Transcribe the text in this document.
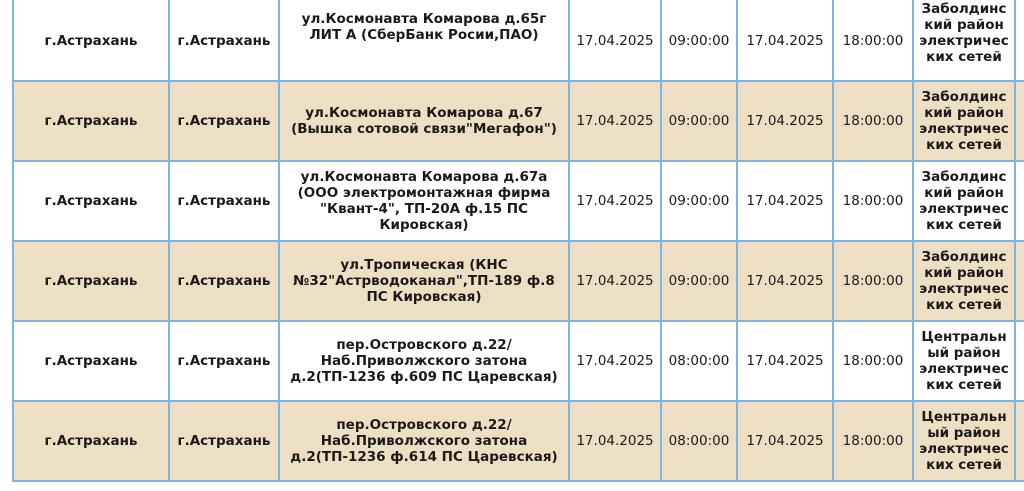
г.Астрахань	г.Астрахань	ул.Космонавта Комарова д.65г ЛИТ А (СберБанк Росии,ПАО)	17.04.2025	09:00:00	17.04.2025	18:00:00	Заболдинский район электрических сетей	

г.Астрахань	г.Астрахань	ул.Космонавта Комарова д.67 (Вышка сотовой связи"Мегафон")	17.04.2025	09:00:00	17.04.2025	18:00:00	Заболдинский район электрических сетей	

г.Астрахань	г.Астрахань	ул.Космонавта Комарова д.67а (ООО электромонтажная фирма "Квант-4", ТП-20А ф.15 ПС Кировская)	17.04.2025	09:00:00	17.04.2025	18:00:00	Заболдинский район электрических сетей	

г.Астрахань	г.Астрахань	ул.Тропическая (КНС №32"Астрводоканал",ТП-189 ф.8 ПС Кировская)	17.04.2025	09:00:00	17.04.2025	18:00:00	Заболдинский район электрических сетей	

г.Астрахань	г.Астрахань	пер.Островского д.22/ Наб.Приволжского затона д.2(ТП-1236 ф.609 ПС Царевская)	17.04.2025	08:00:00	17.04.2025	18:00:00	Центральный район электрических сетей	

г.Астрахань	г.Астрахань	пер.Островского д.22/ Наб.Приволжского затона д.2(ТП-1236 ф.614 ПС Царевская)	17.04.2025	08:00:00	17.04.2025	18:00:00	Центральный район электрических сетей	
